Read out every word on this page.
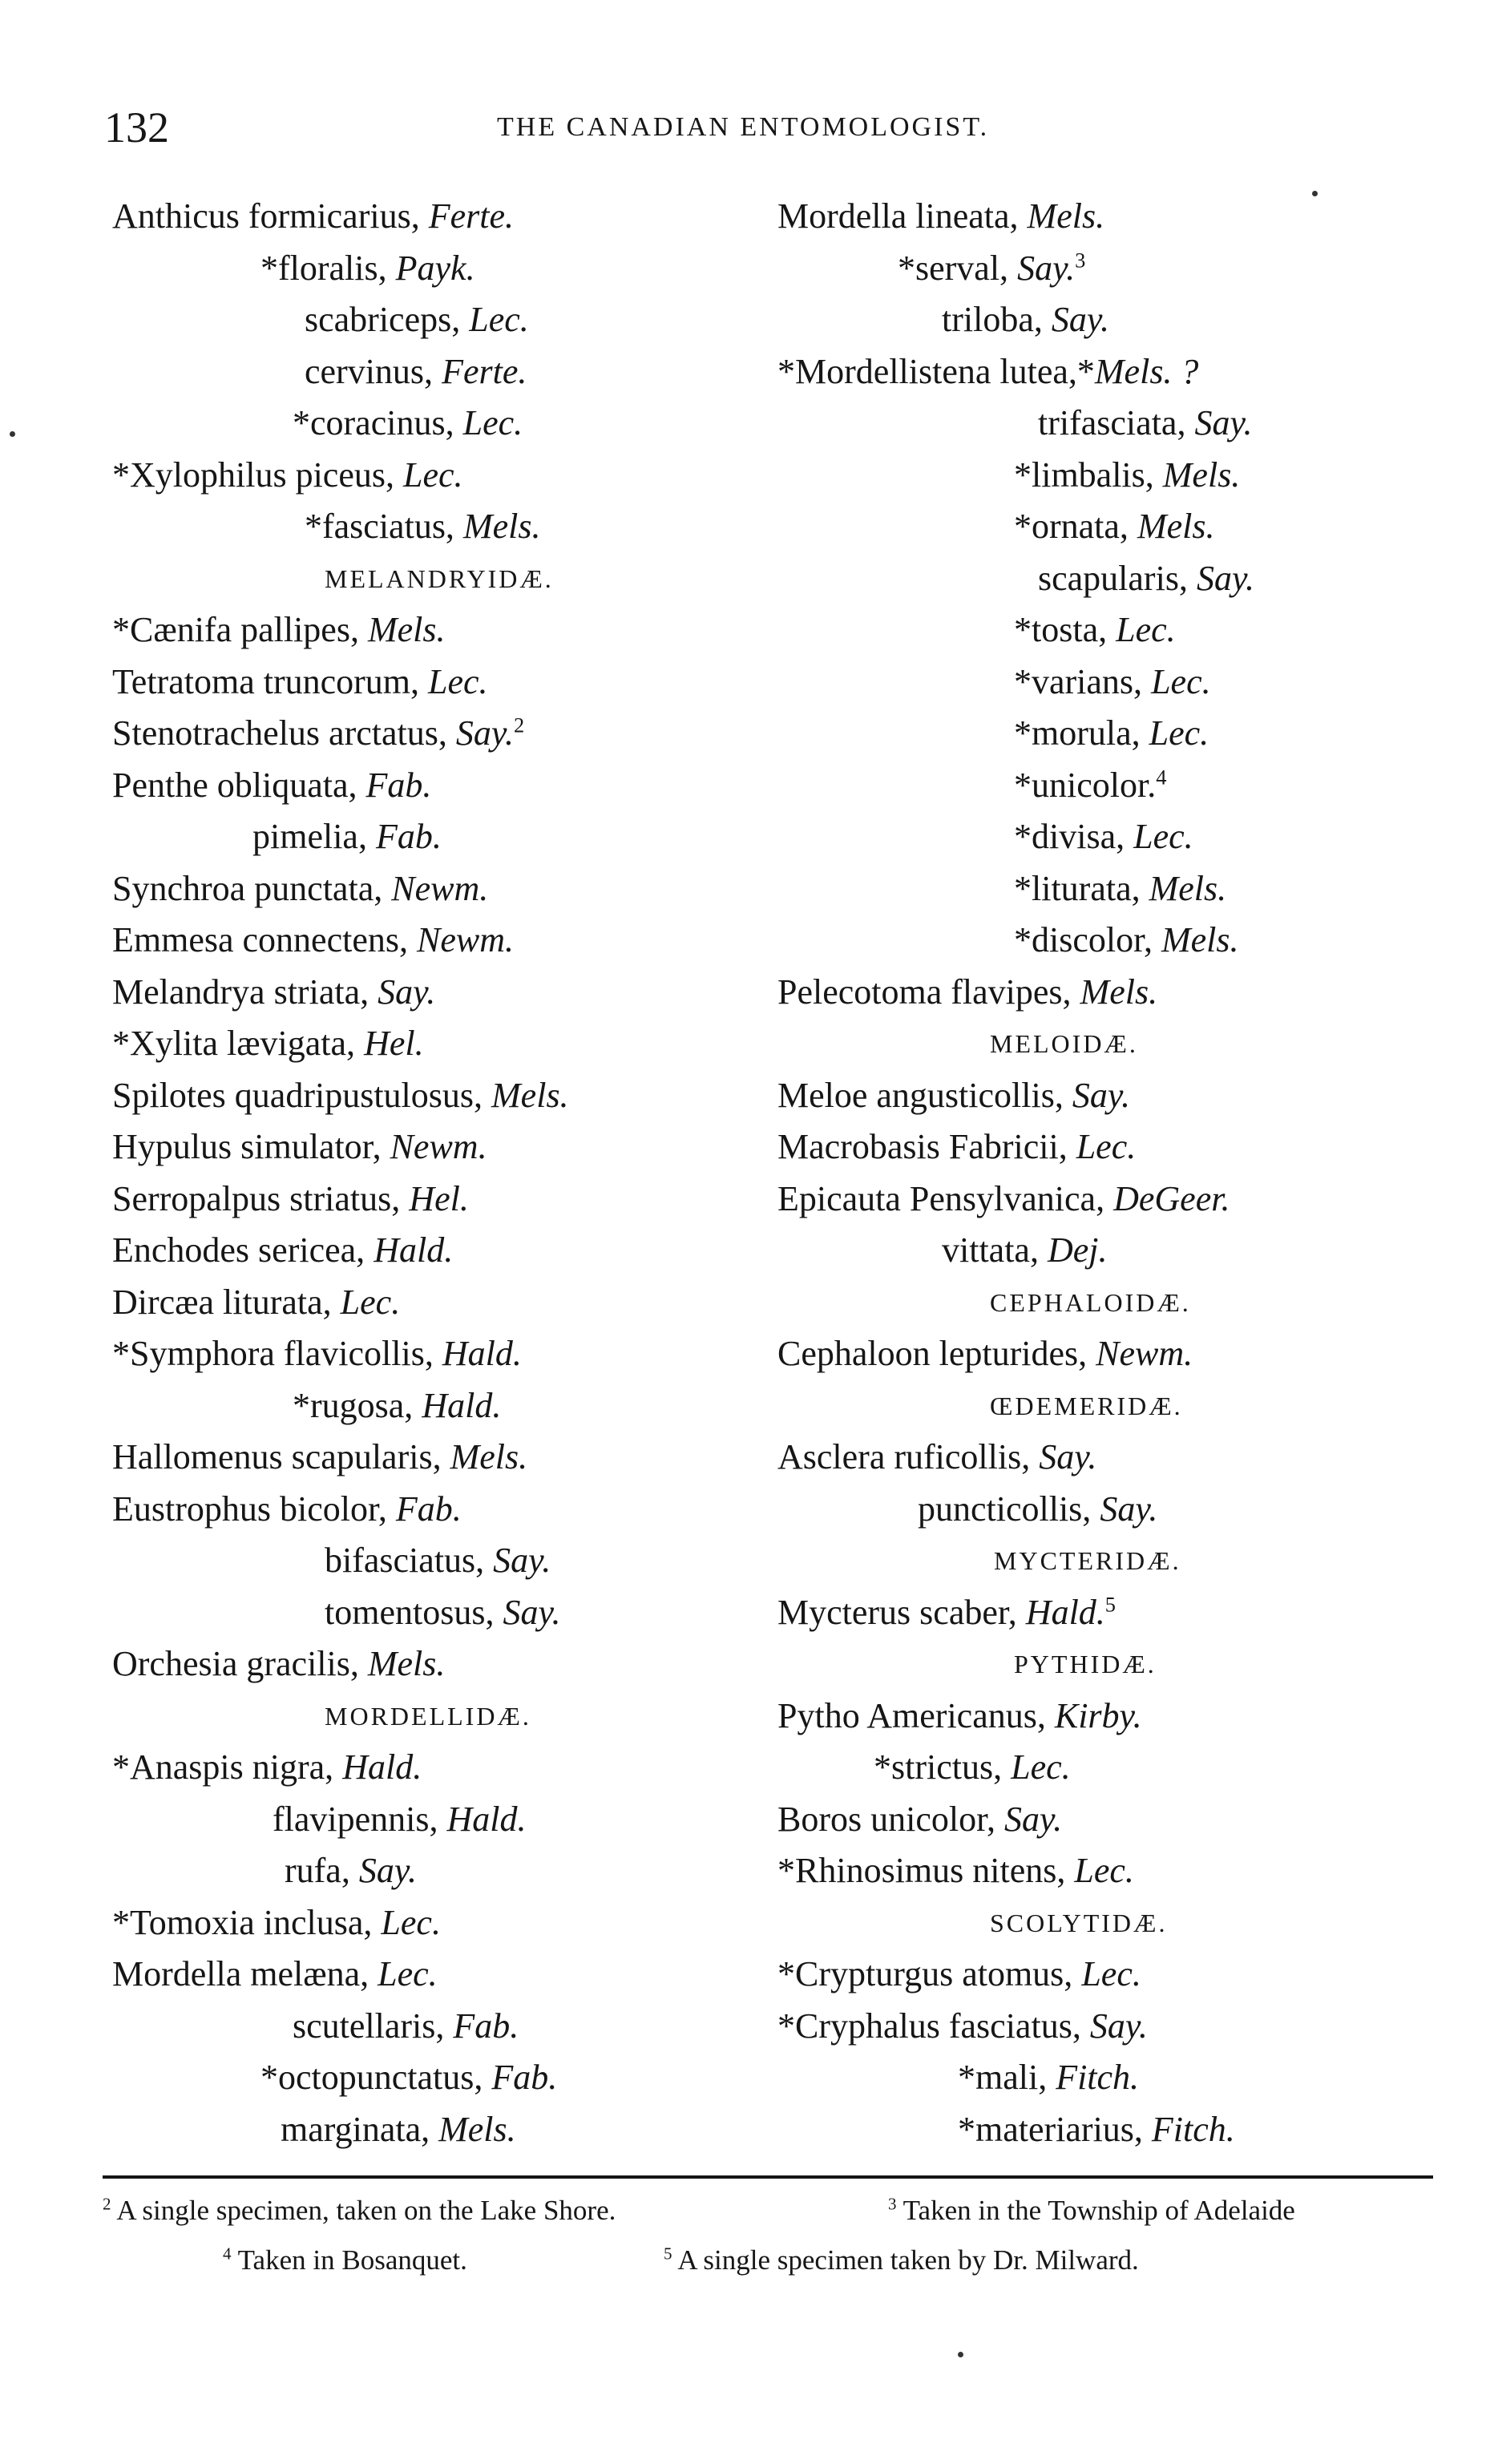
132	THE CANADIAN ENTOMOLOGIST.
Anthicus formicarius, Ferte.
*floralis, Payk.
scabriceps, Lec.
cervinus, Ferte.
*coracinus, Lec.
*Xylophilus piceus, Lec.
*fasciatus, Mels.
MELANDRYIDÆ.
*Cænifa pallipes, Mels.
Tetratoma truncorum, Lec.
Stenotrachelus arctatus, Say.$^2$
Penthe obliquata, Fab.
pimelia, Fab.
Synchroa punctata, Newm.
Emmesa connectens, Newm.
Melandrya striata, Say.
*Xylita lævigata, Hel.
Spilotes quadripustulosus, Mels.
Hypulus simulator, Newm.
Serropalpus striatus, Hel.
Enchodes sericea, Hald.
Dircæa liturata, Lec.
*Symphora flavicollis, Hald.
*rugosa, Hald.
Hallomenus scapularis, Mels.
Eustrophus bicolor, Fab.
bifasciatus, Say.
tomentosus, Say.
Orchesia gracilis, Mels.
MORDELLIDÆ.
*Anaspis nigra, Hald.
flavipennis, Hald.
rufa, Say.
*Tomoxia inclusa, Lec.
Mordella melæna, Lec.
scutellaris, Fab.
*octopunctatus, Fab.
marginata, Mels.
Mordella lineata, Mels.
*serval, Say.$^3$
triloba, Say.
*Mordellistena lutea,*Mels. ?
trifasciata, Say.
*limbalis, Mels.
*ornata, Mels.
scapularis, Say.
*tosta, Lec.
*varians, Lec.
*morula, Lec.
*unicolor.$^4$
*divisa, Lec.
*liturata, Mels.
*discolor, Mels.
Pelecotoma flavipes, Mels.
MELOIDÆ.
Meloe angusticollis, Say.
Macrobasis Fabricii, Lec.
Epicauta Pensylvanica, DeGeer.
vittata, Dej.
CEPHALOIDÆ.
Cephaloon lepturides, Newm.
ŒDEMERIDÆ.
Asclera ruficollis, Say.
puncticollis, Say.
MYCTERIDÆ.
Mycterus scaber, Hald.$^5$
PYTHIDÆ.
Pytho Americanus, Kirby.
*strictus, Lec.
Boros unicolor, Say.
*Rhinosimus nitens, Lec.
SCOLYTIDÆ.
*Crypturgus atomus, Lec.
*Cryphalus fasciatus, Say.
*mali, Fitch.
*materiarius, Fitch.
$^2$ A single specimen, taken on the Lake Shore.	$^3$ Taken in the Township of Adelaide
$^4$ Taken in Bosanquet.	$^5$ A single specimen taken by Dr. Milward.
